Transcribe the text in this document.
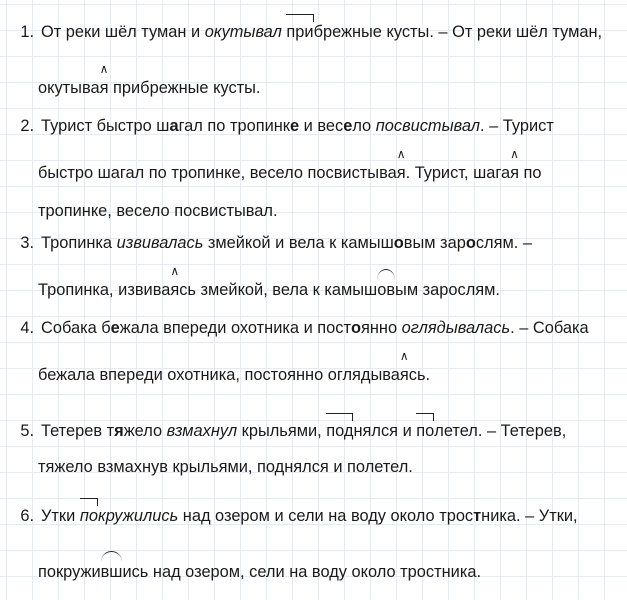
1. От реки шёл туман и окутывал прибрежные кусты. – От реки шёл туман,
окутыва∧ я прибрежные кусты.
2. Турист быстро шагал по тропинке и весело посвистывал. – Турист
быстро шагал по тропинке, весело посвистыва∧ я. Турист, шага∧ я по
тропинке, весело посвистывал.
3. Тропинка извивалась змейкой и вела к камышовым зарослям. –
Тропинка, извива∧ ясь змейкой, вела к камышовым зарослям.
4. Собака бежала впереди охотника и постоянно оглядывалась. – Собака
бежала впереди охотника, постоянно оглядыва∧ ясь.
5. Тетерев тяжело взмахнул крыльями, поднялся и полетел. – Тетерев,
тяжело взмахнув крыльями, поднялся и полетел.
6. Утки покружились над озером и сели на воду около тростника. – Утки,
покружившись над озером, сели на воду около тростника.
